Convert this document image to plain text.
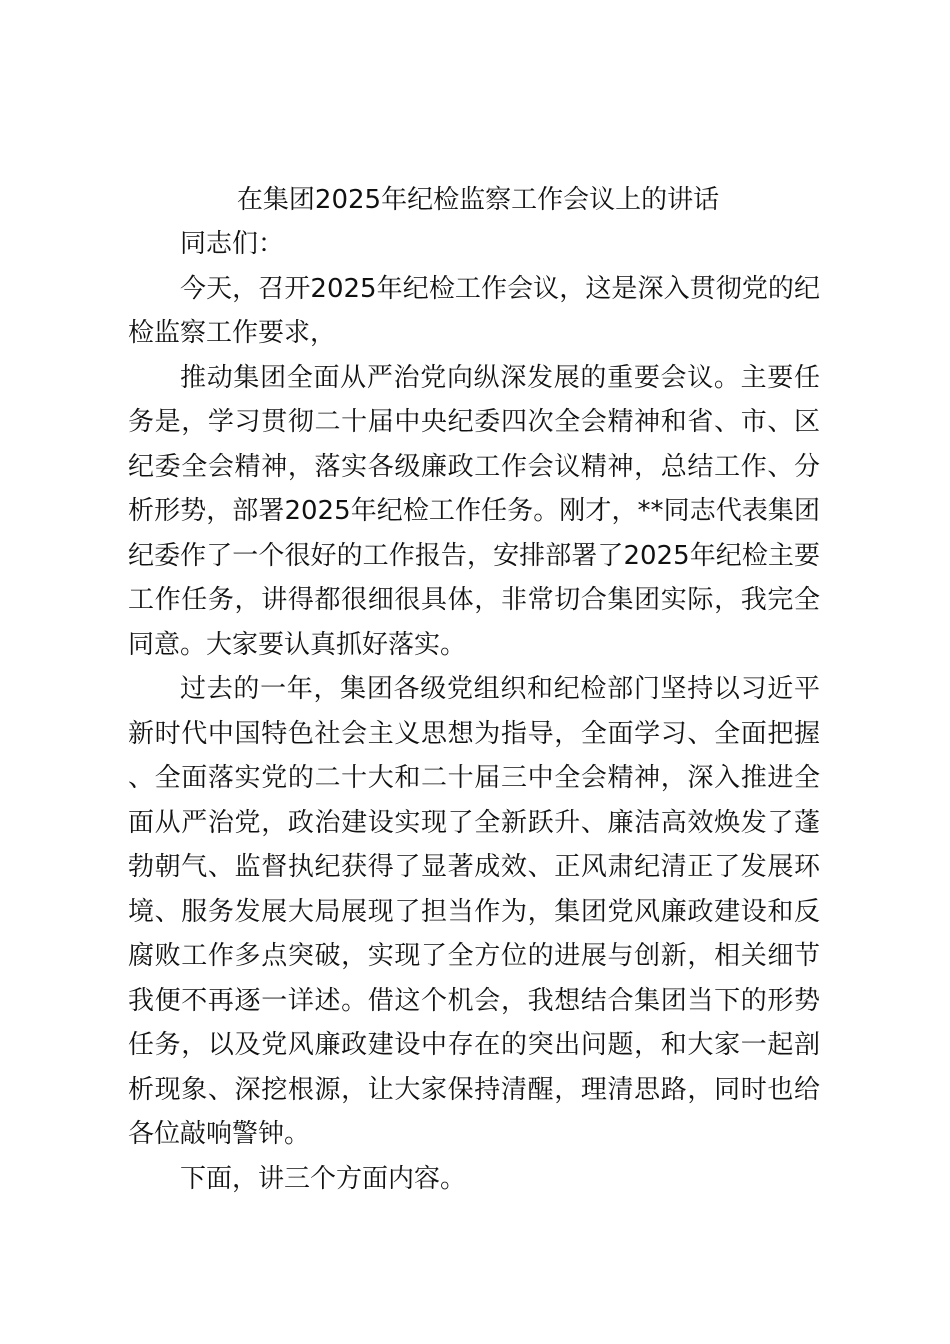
在集团2025年纪检监察工作会议上的讲话

同志们：

今天，召开2025年纪检工作会议，这是深入贯彻党的纪检监察工作要求，

推动集团全面从严治党向纵深发展的重要会议。主要任务是，学习贯彻二十届中央纪委四次全会精神和省、市、区纪委全会精神，落实各级廉政工作会议精神，总结工作、分析形势，部署2025年纪检工作任务。刚才，**同志代表集团纪委作了一个很好的工作报告，安排部署了2025年纪检主要工作任务，讲得都很细很具体，非常切合集团实际，我完全同意。大家要认真抓好落实。

过去的一年，集团各级党组织和纪检部门坚持以习近平新时代中国特色社会主义思想为指导，全面学习、全面把握、全面落实党的二十大和二十届三中全会精神，深入推进全面从严治党，政治建设实现了全新跃升、廉洁高效焕发了蓬勃朝气、监督执纪获得了显著成效、正风肃纪清正了发展环境、服务发展大局展现了担当作为，集团党风廉政建设和反腐败工作多点突破，实现了全方位的进展与创新，相关细节我便不再逐一详述。借这个机会，我想结合集团当下的形势任务，以及党风廉政建设中存在的突出问题，和大家一起剖析现象、深挖根源，让大家保持清醒，理清思路，同时也给各位敲响警钟。

下面，讲三个方面内容。
